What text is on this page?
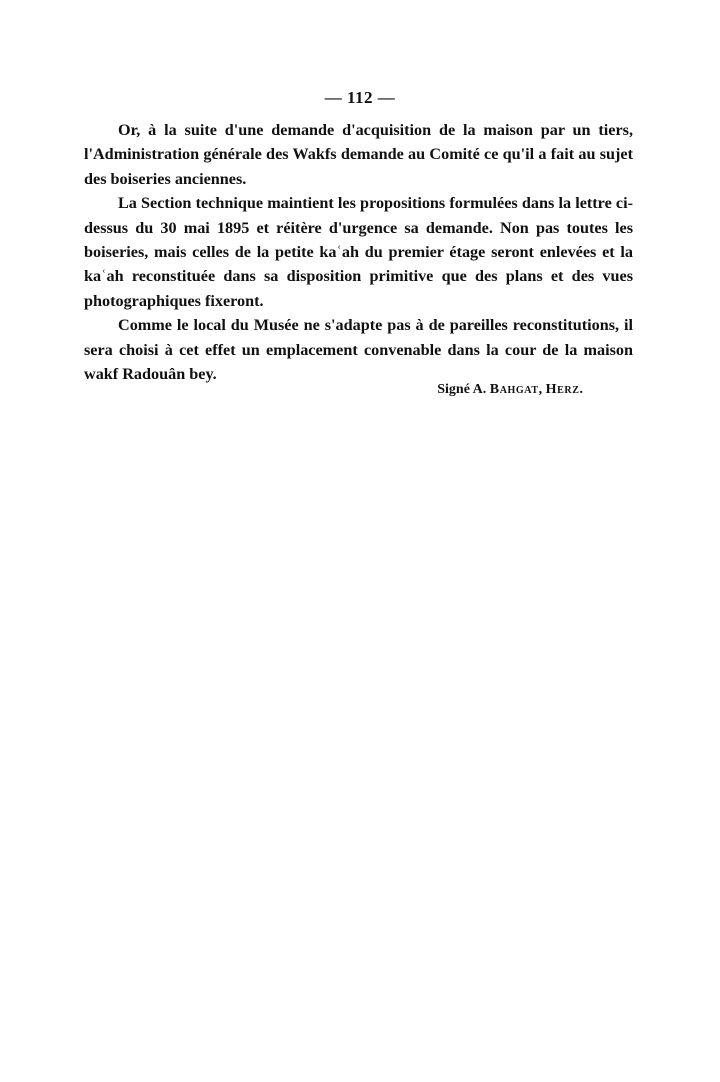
— 112 —

Or, à la suite d'une demande d'acquisition de la maison par un tiers, l'Administration générale des Wakfs demande au Comité ce qu'il a fait au sujet des boiseries anciennes.

La Section technique maintient les propositions formulées dans la lettre ci-dessus du 30 mai 1895 et réitère d'urgence sa demande. Non pas toutes les boiseries, mais celles de la petite kaʿah du premier étage seront enlevées et la kaʿah reconstituée dans sa disposition primitive que des plans et des vues photographiques fixeront.

Comme le local du Musée ne s'adapte pas à de pareilles reconstitutions, il sera choisi à cet effet un emplacement convenable dans la cour de la maison wakf Radouân bey.

Signé A. Bahgat, Herz.
